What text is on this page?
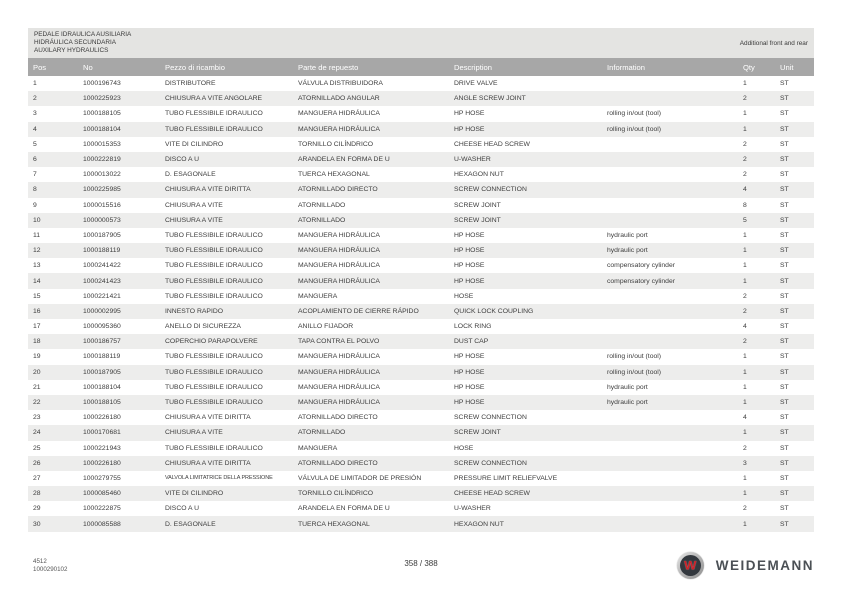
PEDALE IDRAULICA AUSILIARIA
HIDRÁULICA SECUNDARIA
AUXILARY HYDRAULICS
Additional front and rear
Pos	No	Pezzo di ricambio	Parte de repuesto	Description	Information	Qty	Unit
1	1000196743	DISTRIBUTORE	VÁLVULA DISTRIBUIDORA	DRIVE VALVE		1	ST
2	1000225923	CHIUSURA A VITE ANGOLARE	ATORNILLADO ANGULAR	ANGLE SCREW JOINT		2	ST
3	1000188105	TUBO FLESSIBILE IDRAULICO	MANGUERA HIDRÁULICA	HP HOSE	rolling in/out (tool)	1	ST
4	1000188104	TUBO FLESSIBILE IDRAULICO	MANGUERA HIDRÁULICA	HP HOSE	rolling in/out (tool)	1	ST
5	1000015353	VITE DI CILINDRO	TORNILLO CILÍNDRICO	CHEESE HEAD SCREW		2	ST
6	1000222819	DISCO A U	ARANDELA EN FORMA DE U	U-WASHER		2	ST
7	1000013022	D. ESAGONALE	TUERCA HEXAGONAL	HEXAGON NUT		2	ST
8	1000225985	CHIUSURA A VITE DIRITTA	ATORNILLADO DIRECTO	SCREW CONNECTION		4	ST
9	1000015516	CHIUSURA A VITE	ATORNILLADO	SCREW JOINT		8	ST
10	1000000573	CHIUSURA A VITE	ATORNILLADO	SCREW JOINT		5	ST
11	1000187905	TUBO FLESSIBILE IDRAULICO	MANGUERA HIDRÁULICA	HP HOSE	hydraulic port	1	ST
12	1000188119	TUBO FLESSIBILE IDRAULICO	MANGUERA HIDRÁULICA	HP HOSE	hydraulic port	1	ST
13	1000241422	TUBO FLESSIBILE IDRAULICO	MANGUERA HIDRÁULICA	HP HOSE	compensatory cylinder	1	ST
14	1000241423	TUBO FLESSIBILE IDRAULICO	MANGUERA HIDRÁULICA	HP HOSE	compensatory cylinder	1	ST
15	1000221421	TUBO FLESSIBILE IDRAULICO	MANGUERA	HOSE		2	ST
16	1000002995	INNESTO RAPIDO	ACOPLAMIENTO DE CIERRE RÁPIDO	QUICK LOCK COUPLING		2	ST
17	1000095360	ANELLO DI SICUREZZA	ANILLO FIJADOR	LOCK RING		4	ST
18	1000186757	COPERCHIO PARAPOLVERE	TAPA CONTRA EL POLVO	DUST CAP		2	ST
19	1000188119	TUBO FLESSIBILE IDRAULICO	MANGUERA HIDRÁULICA	HP HOSE	rolling in/out (tool)	1	ST
20	1000187905	TUBO FLESSIBILE IDRAULICO	MANGUERA HIDRÁULICA	HP HOSE	rolling in/out (tool)	1	ST
21	1000188104	TUBO FLESSIBILE IDRAULICO	MANGUERA HIDRÁULICA	HP HOSE	hydraulic port	1	ST
22	1000188105	TUBO FLESSIBILE IDRAULICO	MANGUERA HIDRÁULICA	HP HOSE	hydraulic port	1	ST
23	1000226180	CHIUSURA A VITE DIRITTA	ATORNILLADO DIRECTO	SCREW CONNECTION		4	ST
24	1000170681	CHIUSURA A VITE	ATORNILLADO	SCREW JOINT		1	ST
25	1000221943	TUBO FLESSIBILE IDRAULICO	MANGUERA	HOSE		2	ST
26	1000226180	CHIUSURA A VITE DIRITTA	ATORNILLADO DIRECTO	SCREW CONNECTION		3	ST
27	1000279755	VALVOLA LIMITATRICE DELLA PRESSIONE	VÁLVULA DE LIMITADOR DE PRESIÓN	PRESSURE LIMIT RELIEFVALVE		1	ST
28	1000085460	VITE DI CILINDRO	TORNILLO CILÍNDRICO	CHEESE HEAD SCREW		1	ST
29	1000222875	DISCO A U	ARANDELA EN FORMA DE U	U-WASHER		2	ST
30	1000085588	D. ESAGONALE	TUERCA HEXAGONAL	HEXAGON NUT		1	ST
4512
1000290102
358 / 388	W WEIDEMANN
